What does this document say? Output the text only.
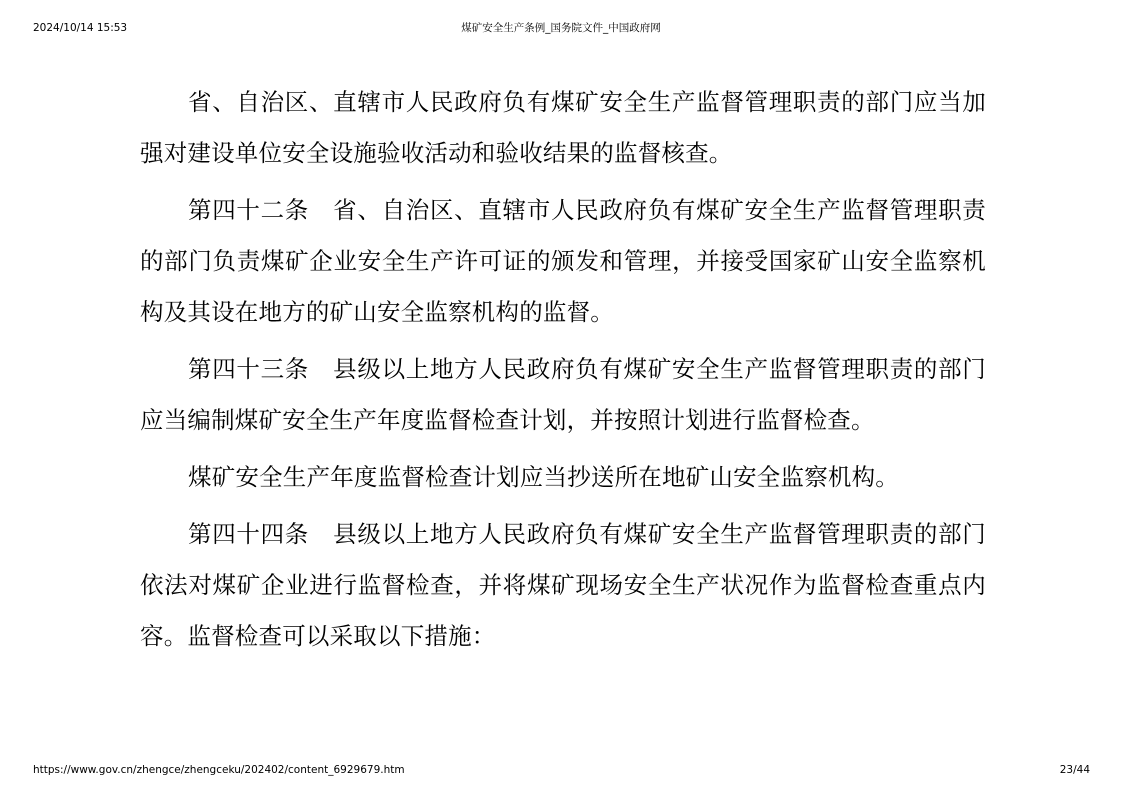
2024/10/14 15:53	煤矿安全生产条例_国务院文件_中国政府网

省、自治区、直辖市人民政府负有煤矿安全生产监督管理职责的部门应当加强对建设单位安全设施验收活动和验收结果的监督核查。

第四十二条　省、自治区、直辖市人民政府负有煤矿安全生产监督管理职责的部门负责煤矿企业安全生产许可证的颁发和管理，并接受国家矿山安全监察机构及其设在地方的矿山安全监察机构的监督。

第四十三条　县级以上地方人民政府负有煤矿安全生产监督管理职责的部门应当编制煤矿安全生产年度监督检查计划，并按照计划进行监督检查。

煤矿安全生产年度监督检查计划应当抄送所在地矿山安全监察机构。

第四十四条　县级以上地方人民政府负有煤矿安全生产监督管理职责的部门依法对煤矿企业进行监督检查，并将煤矿现场安全生产状况作为监督检查重点内容。监督检查可以采取以下措施：

https://www.gov.cn/zhengce/zhengceku/202402/content_6929679.htm	23/44
